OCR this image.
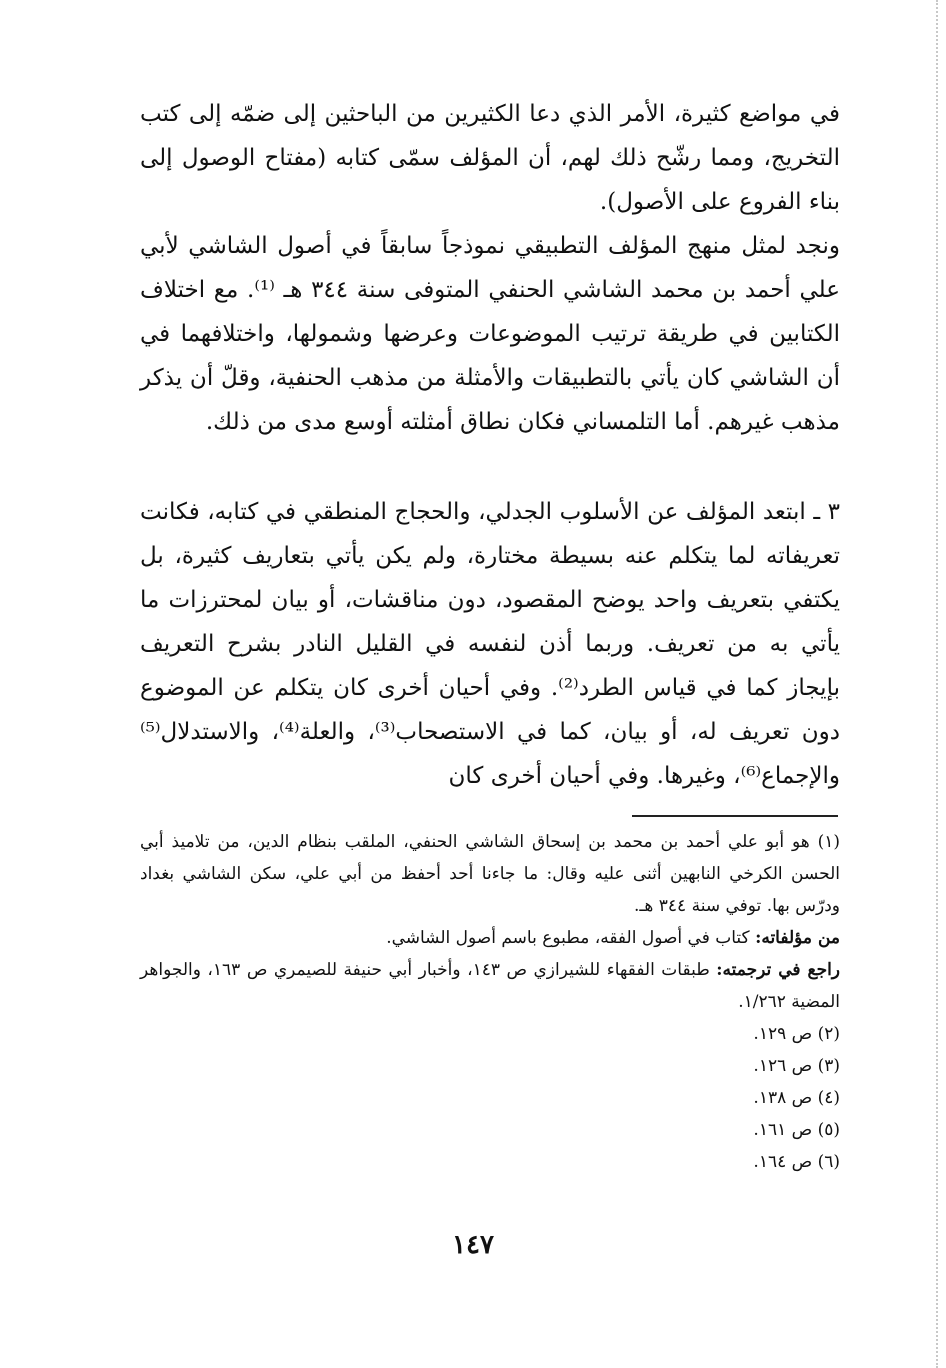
في مواضع كثيرة، الأمر الذي دعا الكثيرين من الباحثين إلى ضمّه إلى كتب التخريج، ومما رشّح ذلك لهم، أن المؤلف سمّى كتابه (مفتاح الوصول إلى بناء الفروع على الأصول).

ونجد لمثل منهج المؤلف التطبيقي نموذجاً سابقاً في أصول الشاشي لأبي علي أحمد بن محمد الشاشي الحنفي المتوفى سنة ٣٤٤ هـ ⁽¹⁾. مع اختلاف الكتابين في طريقة ترتيب الموضوعات وعرضها وشمولها، واختلافهما في أن الشاشي كان يأتي بالتطبيقات والأمثلة من مذهب الحنفية، وقلّ أن يذكر مذهب غيرهم. أما التلمساني فكان نطاق أمثلته أوسع مدى من ذلك.

٣ ـ ابتعد المؤلف عن الأسلوب الجدلي، والحجاج المنطقي في كتابه، فكانت تعريفاته لما يتكلم عنه بسيطة مختارة، ولم يكن يأتي بتعاريف كثيرة، بل يكتفي بتعريف واحد يوضح المقصود، دون مناقشات، أو بيان لمحترزات ما يأتي به من تعريف. وربما أذن لنفسه في القليل النادر بشرح التعريف بإيجاز كما في قياس الطرد⁽²⁾. وفي أحيان أخرى كان يتكلم عن الموضوع دون تعريف له، أو بيان، كما في الاستصحاب⁽³⁾، والعلة⁽⁴⁾، والاستدلال⁽⁵⁾ والإجماع⁽⁶⁾، وغيرها. وفي أحيان أخرى كان

(١) هو أبو علي أحمد بن محمد بن إسحاق الشاشي الحنفي، الملقب بنظام الدين، من تلاميذ أبي الحسن الكرخي النابهين أثنى عليه وقال: ما جاءنا أحد أحفظ من أبي علي، سكن الشاشي بغداد ودرّس بها. توفي سنة ٣٤٤ هـ.

من مؤلفاته: كتاب في أصول الفقه، مطبوع باسم أصول الشاشي.

راجع في ترجمته: طبقات الفقهاء للشيرازي ص ١٤٣، وأخبار أبي حنيفة للصيمري ص ١٦٣، والجواهر المضية ١/٢٦٢.

(٢) ص ١٢٩.

(٣) ص ١٢٦.

(٤) ص ١٣٨.

(٥) ص ١٦١.

(٦) ص ١٦٤.

١٤٧
